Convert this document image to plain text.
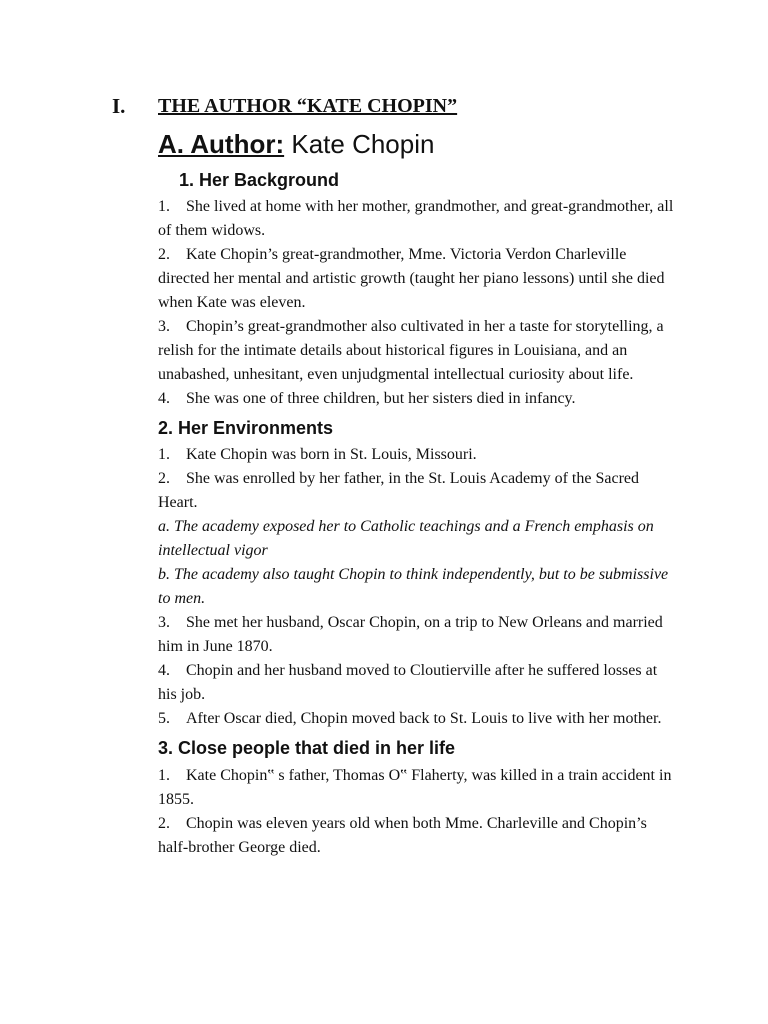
I. THE AUTHOR “KATE CHOPIN”
A. Author: Kate Chopin
1. Her Background

1. She lived at home with her mother, grandmother, and great-grandmother, all of them widows.

2. Kate Chopin’s great-grandmother, Mme. Victoria Verdon Charleville directed her mental and artistic growth (taught her piano lessons) until she died when Kate was eleven.

3. Chopin’s great-grandmother also cultivated in her a taste for storytelling, a relish for the intimate details about historical figures in Louisiana, and an unabashed, unhesitant, even unjudgmental intellectual curiosity about life.

4. She was one of three children, but her sisters died in infancy.

2. Her Environments

1. Kate Chopin was born in St. Louis, Missouri.

2. She was enrolled by her father, in the St. Louis Academy of the Sacred Heart.

a. The academy exposed her to Catholic teachings and a French emphasis on intellectual vigor

b. The academy also taught Chopin to think independently, but to be submissive to men.

3. She met her husband, Oscar Chopin, on a trip to New Orleans and married him in June 1870.

4. Chopin and her husband moved to Cloutierville after he suffered losses at his job.

5. After Oscar died, Chopin moved back to St. Louis to live with her mother.

3. Close people that died in her life

1. Kate Chopin‟ s father, Thomas O‟ Flaherty, was killed in a train accident in 1855.

2. Chopin was eleven years old when both Mme. Charleville and Chopin’s half-brother George died.
